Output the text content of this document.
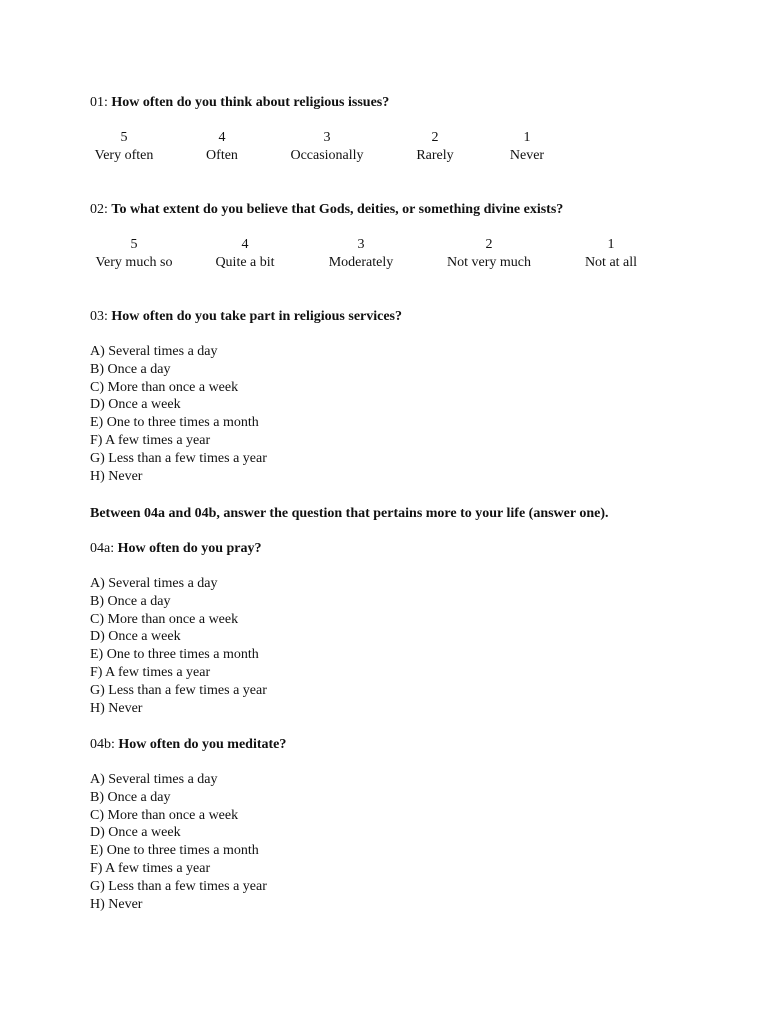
01: How often do you think about religious issues?
5
Very often
4
Often
3
Occasionally
2
Rarely
1
Never
02: To what extent do you believe that Gods, deities, or something divine exists?
5
Very much so
4
Quite a bit
3
Moderately
2
Not very much
1
Not at all
03: How often do you take part in religious services?
A) Several times a day
B) Once a day
C) More than once a week
D) Once a week
E) One to three times a month
F) A few times a year
G) Less than a few times a year
H) Never
Between 04a and 04b, answer the question that pertains more to your life (answer one).
04a: How often do you pray?
A) Several times a day
B) Once a day
C) More than once a week
D) Once a week
E) One to three times a month
F) A few times a year
G) Less than a few times a year
H) Never
04b: How often do you meditate?
A) Several times a day
B) Once a day
C) More than once a week
D) Once a week
E) One to three times a month
F) A few times a year
G) Less than a few times a year
H) Never
